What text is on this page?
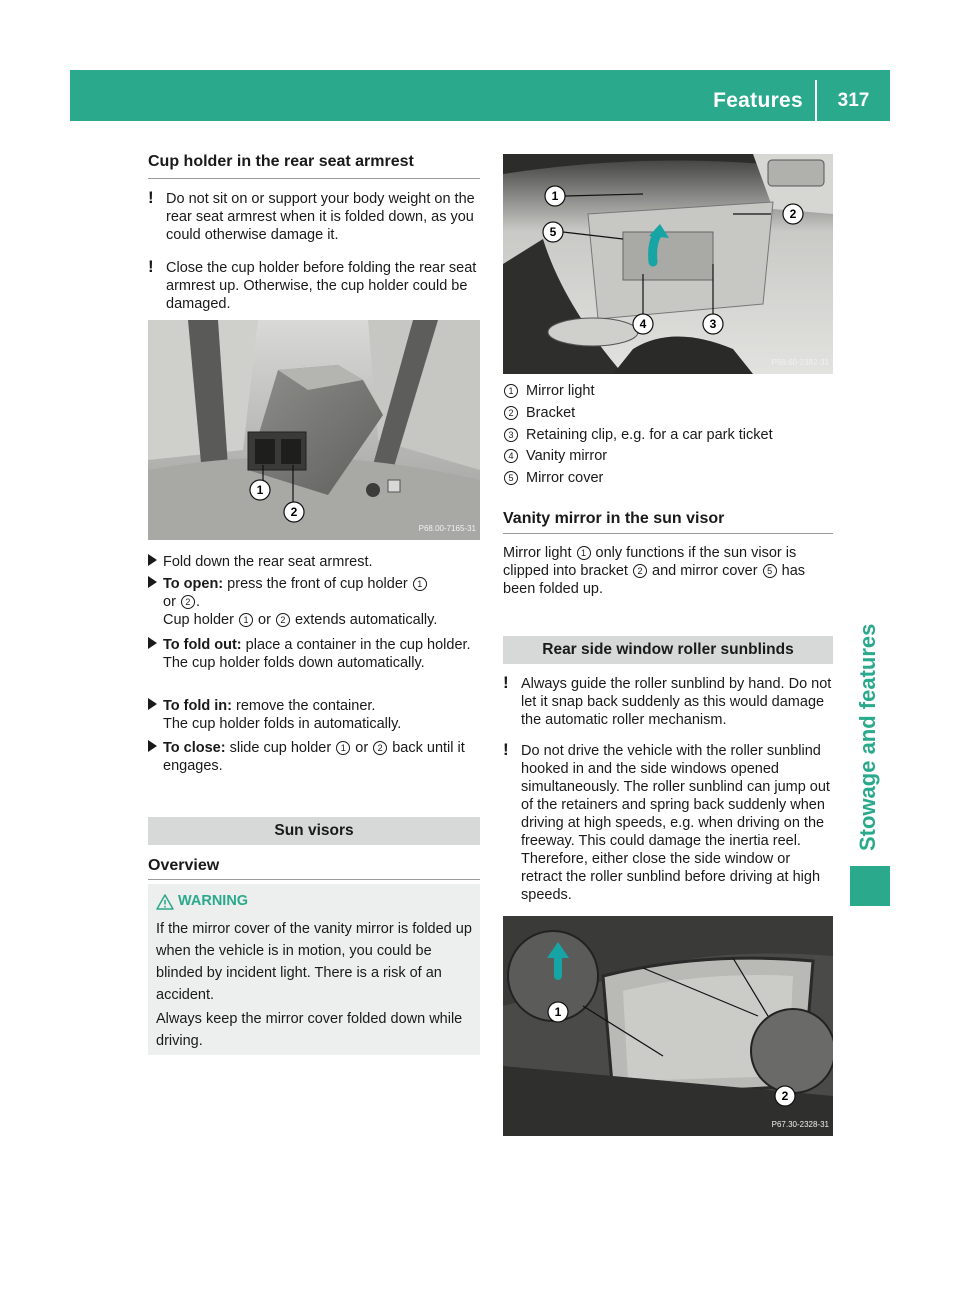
Features	317
Stowage and features
Cup holder in the rear seat armrest
! Do not sit on or support your body weight on the rear seat armrest when it is folded down, as you could otherwise damage it.
! Close the cup holder before folding the rear seat armrest up. Otherwise, the cup holder could be damaged.
1
2
P68.00-7165-31
Fold down the rear seat armrest.
To open: press the front of cup holder 1
or 2 .
Cup holder 1 or 2 extends automatically.
To fold out: place a container in the cup holder.
The cup holder folds down automatically.
To fold in: remove the container.
The cup holder folds in automatically.
To close: slide cup holder 1 or 2 back until it engages.
Sun visors
Overview
WARNING
If the mirror cover of the vanity mirror is folded up when the vehicle is in motion, you could be blinded by incident light. There is a risk of an accident.
Always keep the mirror cover folded down while driving.
1
2
5
4	3
P68.60-2382-31
1 Mirror light
2 Bracket
3 Retaining clip, e.g. for a car park ticket
4 Vanity mirror
5 Mirror cover
Vanity mirror in the sun visor
Mirror light 1 only functions if the sun visor is clipped into bracket 2 and mirror cover 5 has been folded up.
Rear side window roller sunblinds
! Always guide the roller sunblind by hand. Do not let it snap back suddenly as this would damage the automatic roller mechanism.
! Do not drive the vehicle with the roller sunblind hooked in and the side windows opened simultaneously. The roller sunblind can jump out of the retainers and spring back suddenly when driving at high speeds, e.g. when driving on the freeway. This could damage the inertia reel. Therefore, either close the side window or retract the roller sunblind before driving at high speeds.
1
2
P67.30-2328-31
